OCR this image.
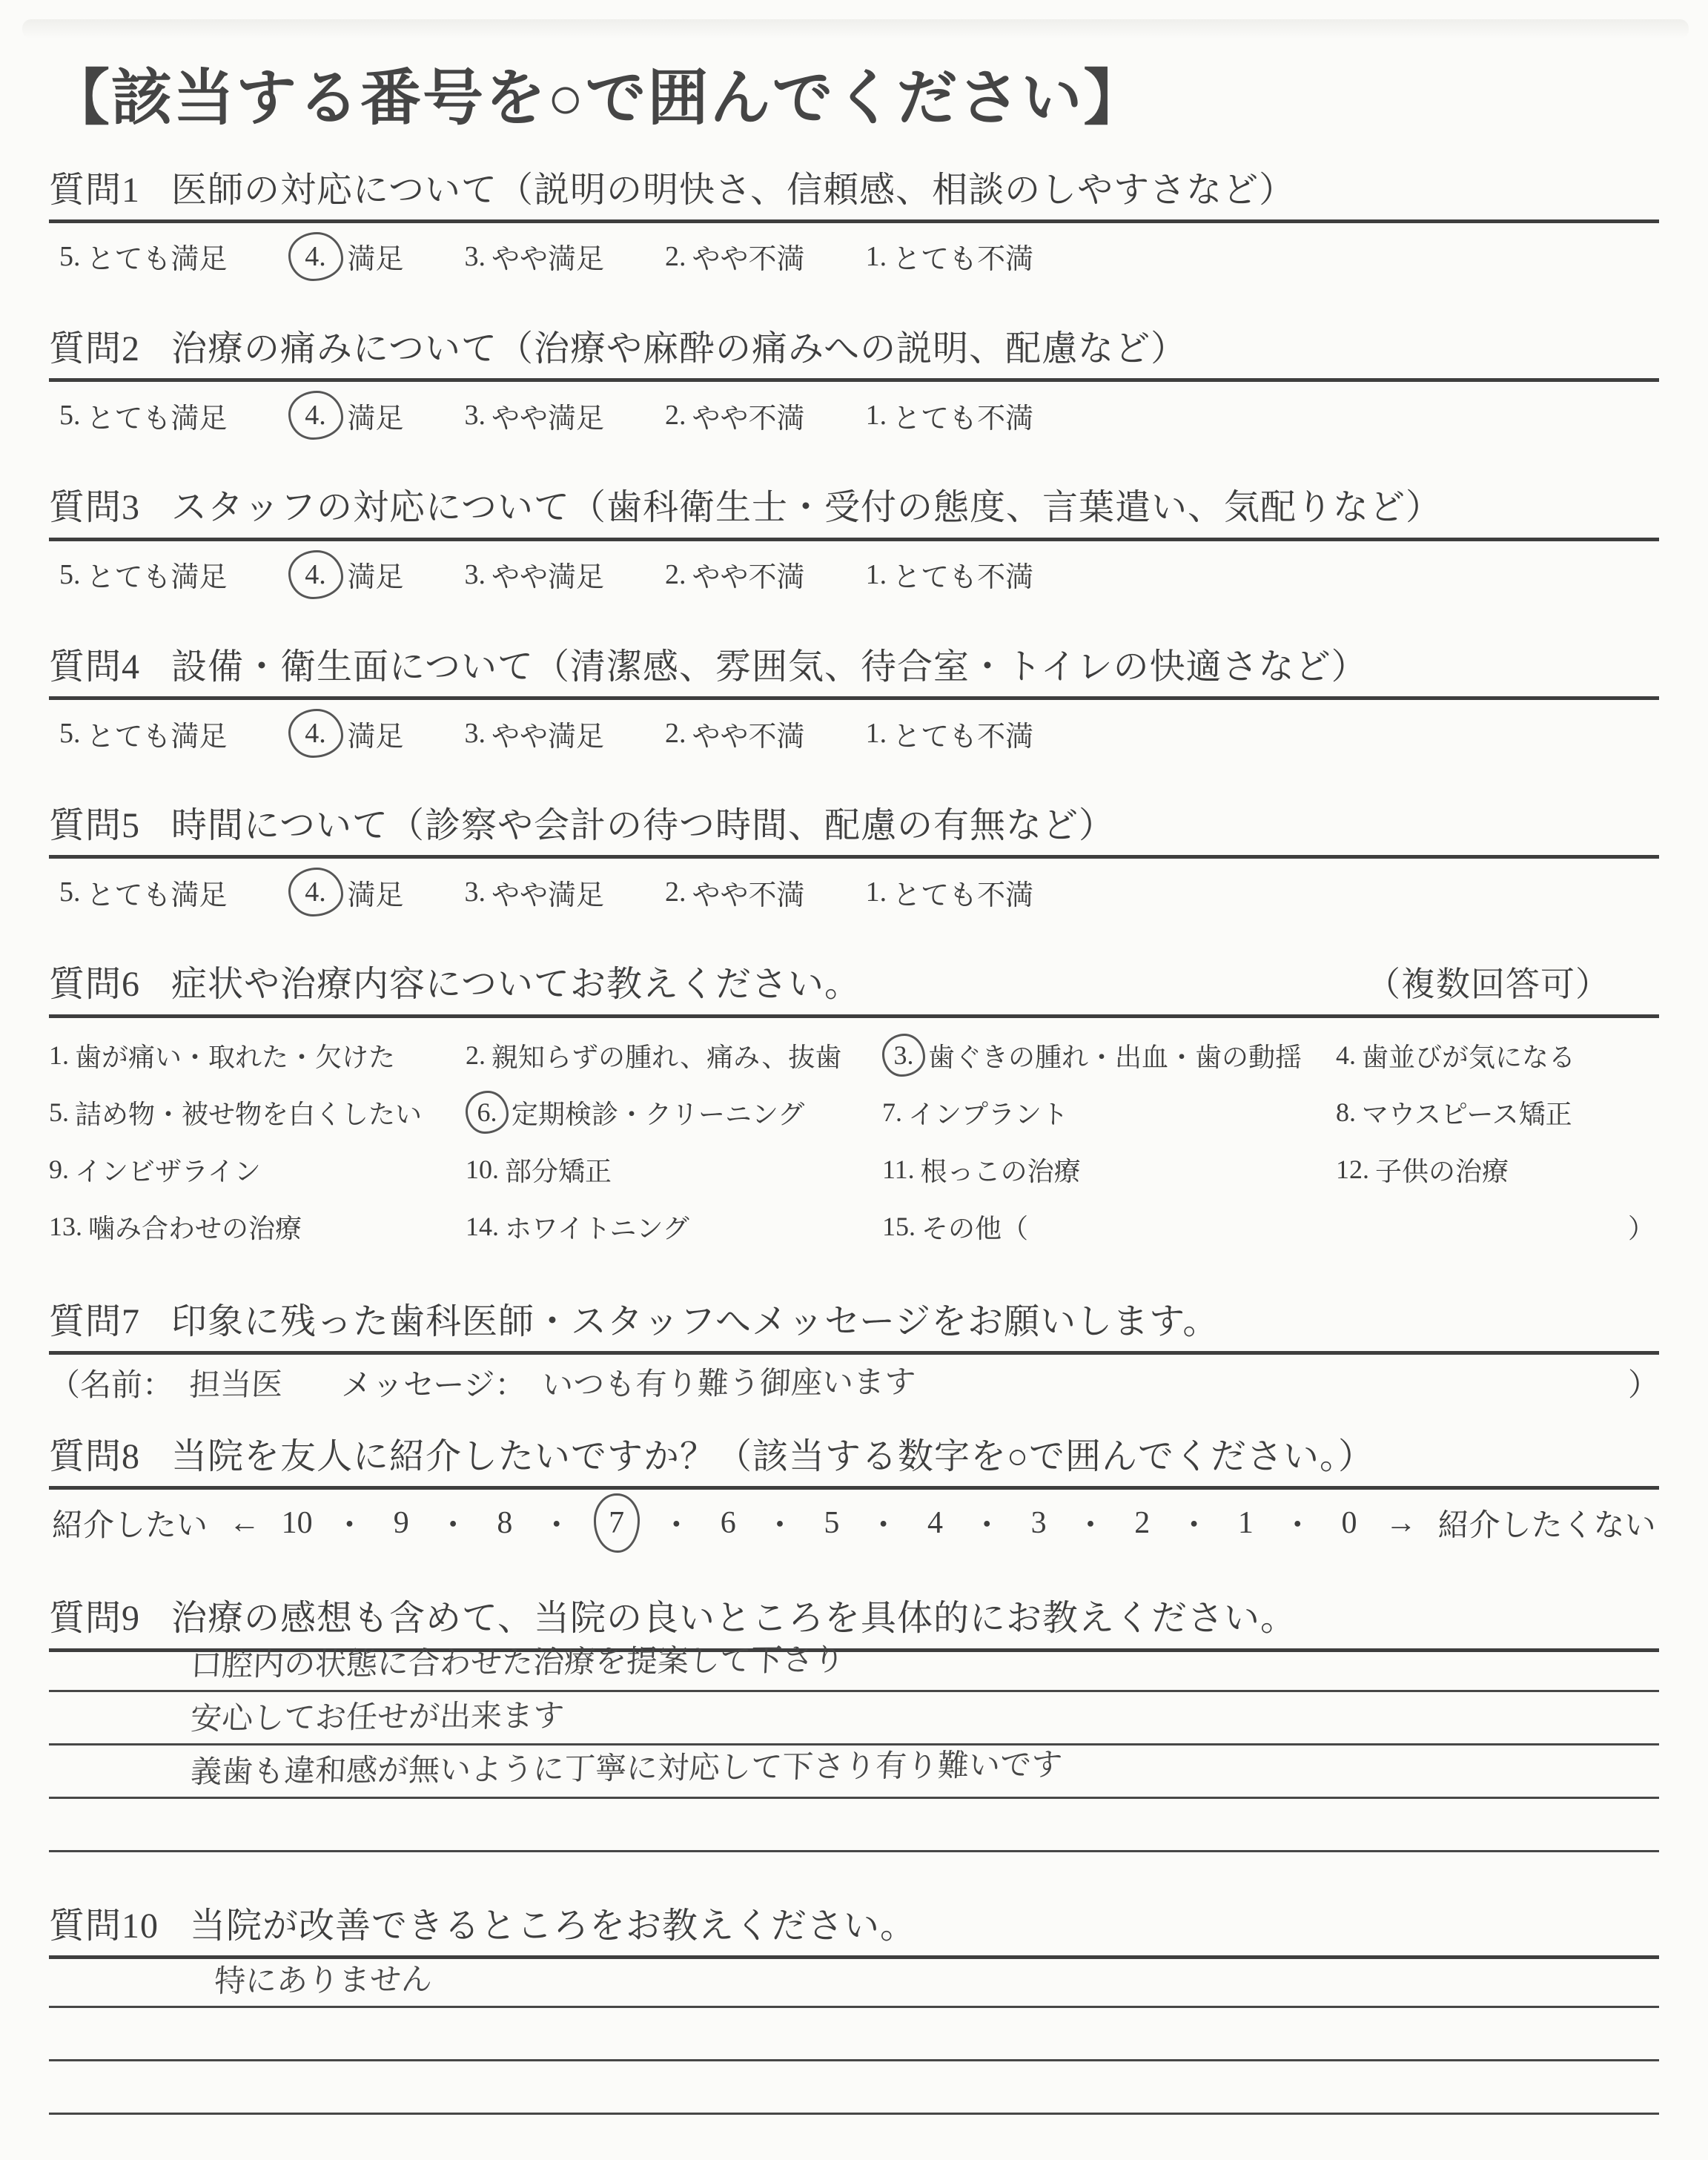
【該当する番号を○で囲んでください】
質問1 医師の対応について（説明の明快さ、信頼感、相談のしやすさなど）
5. とても満足	4. 満足 3. やや満足 2. やや不満 1. とても不満
質問2 治療の痛みについて（治療や麻酔の痛みへの説明、配慮など）
5. とても満足	4. 満足 3. やや満足 2. やや不満 1. とても不満
質問3 スタッフの対応について（歯科衛生士・受付の態度、言葉遣い、気配りなど）
5. とても満足	4. 満足 3. やや満足 2. やや不満 1. とても不満
質問4 設備・衛生面について（清潔感、雰囲気、待合室・トイレの快適さなど）
5. とても満足	4. 満足 3. やや満足 2. やや不満 1. とても不満
質問5 時間について（診察や会計の待つ時間、配慮の有無など）
5. とても満足	4. 満足 3. やや満足 2. やや不満 1. とても不満
質問6 症状や治療内容についてお教えください。	（複数回答可）
1. 歯が痛い・取れた・欠けた	2. 親知らずの腫れ、痛み、抜歯 3. 歯ぐきの腫れ・出血・歯の動揺 4. 歯並びが気になる
5. 詰め物・被せ物を白くしたい 6. 定期検診・クリーニング	7. インプラント	8. マウスピース矯正
9. インビザライン	10. 部分矯正	11. 根っこの治療	12. 子供の治療
13. 噛み合わせの治療	14. ホワイトニング	15. その他（	）
質問7 印象に残った歯科医師・スタッフへメッセージをお願いします。
（名前： 担当医 メッセージ： いつも有り難う御座います	）
質問8 当院を友人に紹介したいですか？（該当する数字を○で囲んでください。）
紹介したい ← 10 ・ 9 ・ 8 ・ 7 ・ 6 ・ 5 ・ 4 ・ 3 ・ 2 ・ 1 ・ 0 → 紹介したくない
質問9 治療の感想も含めて、当院の良いところを具体的にお教えください。
口腔内の状態に合わせた治療を提案して下さり
安心してお任せが出来ます
義歯も違和感が無いように丁寧に対応して下さり有り難いです
質問10 当院が改善できるところをお教えください。
特にありません
